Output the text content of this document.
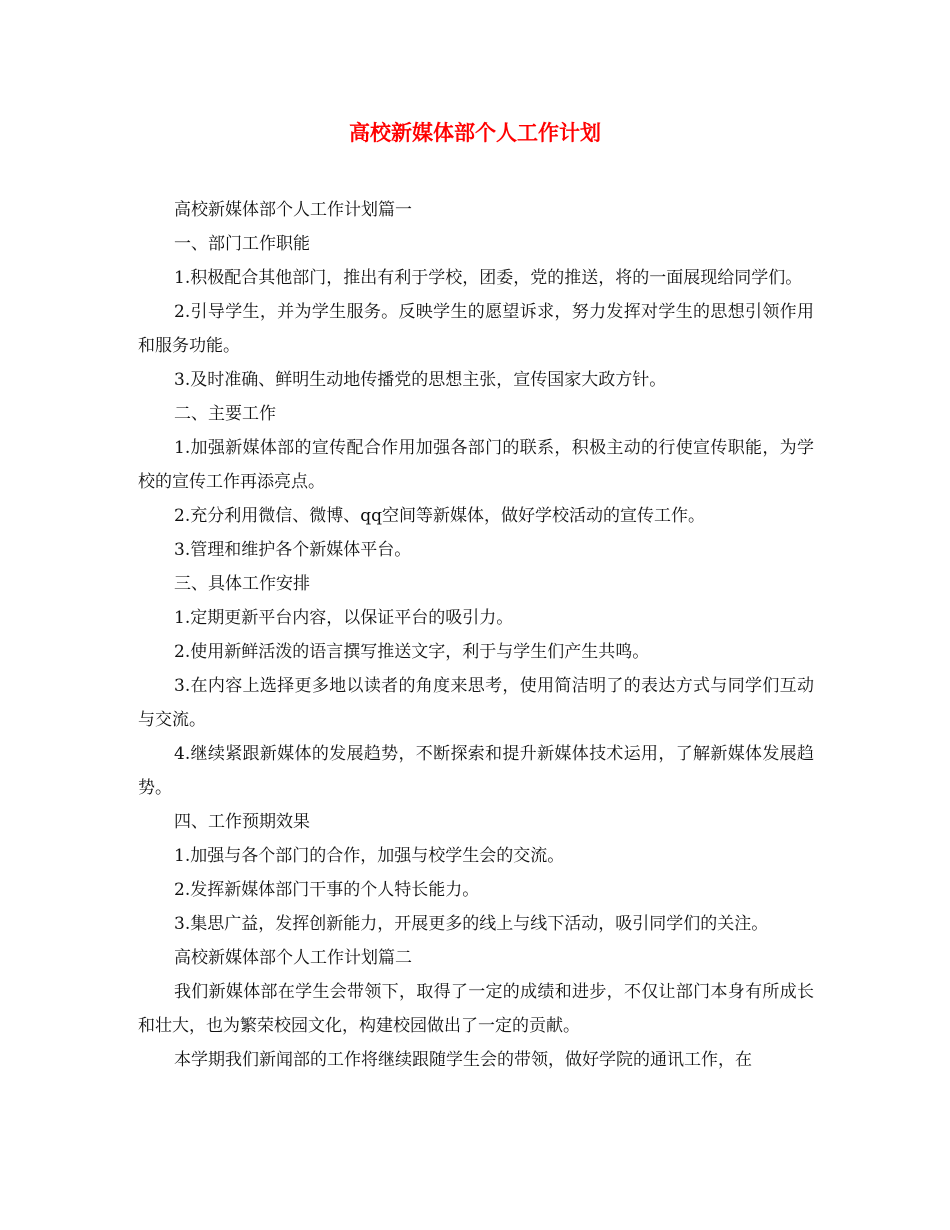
高校新媒体部个人工作计划

高校新媒体部个人工作计划篇一

一、部门工作职能

1.积极配合其他部门，推出有利于学校，团委，党的推送，将的一面展现给同学们。

2.引导学生，并为学生服务。反映学生的愿望诉求，努力发挥对学生的思想引领作用和服务功能。

3.及时准确、鲜明生动地传播党的思想主张，宣传国家大政方针。

二、主要工作

1.加强新媒体部的宣传配合作用加强各部门的联系，积极主动的行使宣传职能，为学校的宣传工作再添亮点。

2.充分利用微信、微博、qq空间等新媒体，做好学校活动的宣传工作。

3.管理和维护各个新媒体平台。

三、具体工作安排

1.定期更新平台内容，以保证平台的吸引力。

2.使用新鲜活泼的语言撰写推送文字，利于与学生们产生共鸣。

3.在内容上选择更多地以读者的角度来思考，使用简洁明了的表达方式与同学们互动与交流。

4.继续紧跟新媒体的发展趋势，不断探索和提升新媒体技术运用，了解新媒体发展趋势。

四、工作预期效果

1.加强与各个部门的合作，加强与校学生会的交流。

2.发挥新媒体部门干事的个人特长能力。

3.集思广益，发挥创新能力，开展更多的线上与线下活动，吸引同学们的关注。

高校新媒体部个人工作计划篇二

我们新媒体部在学生会带领下，取得了一定的成绩和进步，不仅让部门本身有所成长和壮大，也为繁荣校园文化，构建校园做出了一定的贡献。

本学期我们新闻部的工作将继续跟随学生会的带领，做好学院的通讯工作，在
